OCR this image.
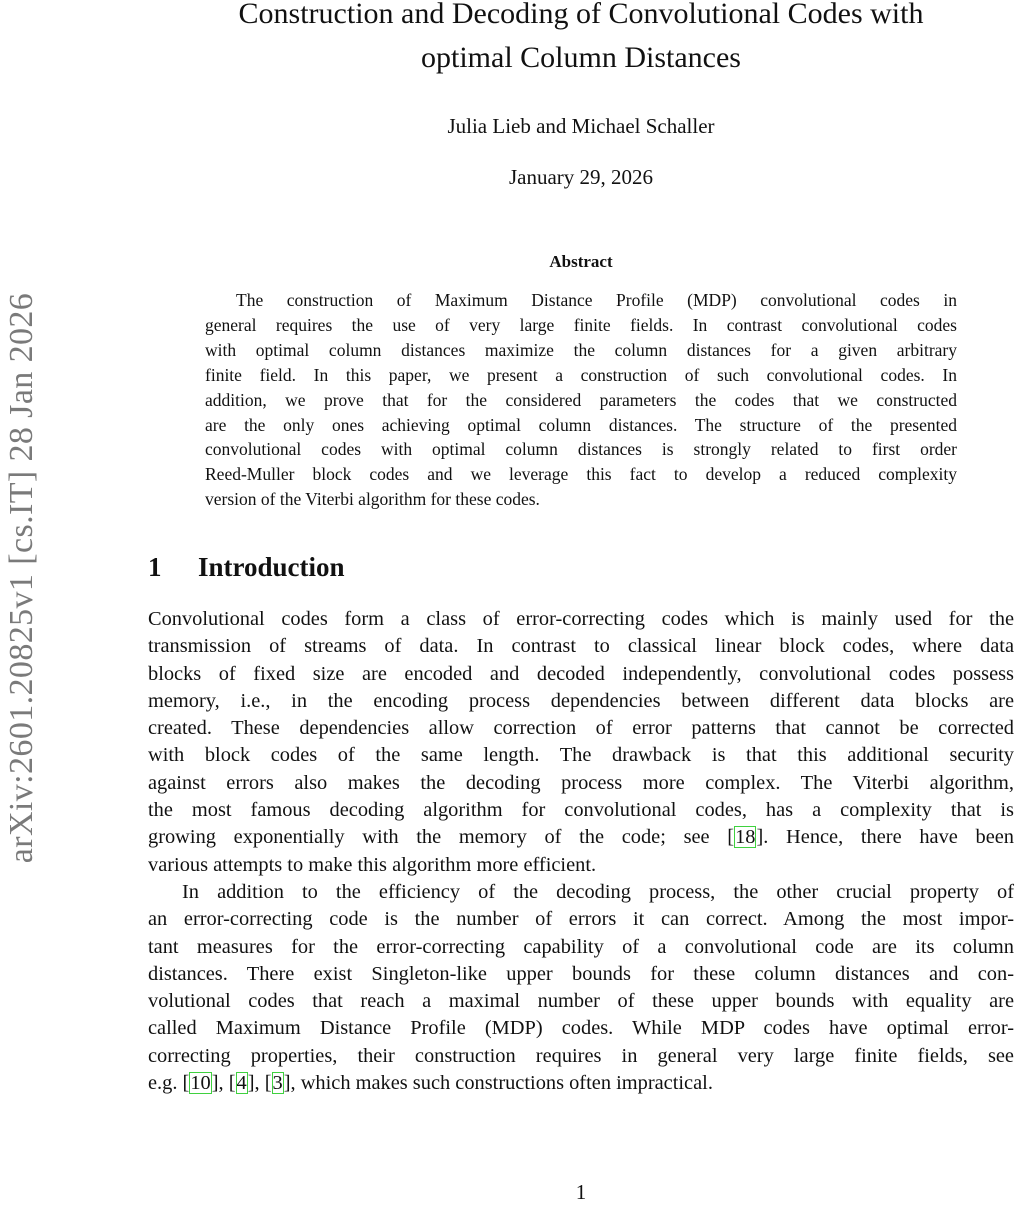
arXiv:2601.20825v1 [cs.IT] 28 Jan 2026
Construction and Decoding of Convolutional Codes with
optimal Column Distances
Julia Lieb and Michael Schaller
January 29, 2026
Abstract
The construction of Maximum Distance Profile (MDP) convolutional codes in
general requires the use of very large finite fields. In contrast convolutional codes
with optimal column distances maximize the column distances for a given arbitrary
finite field. In this paper, we present a construction of such convolutional codes. In
addition, we prove that for the considered parameters the codes that we constructed
are the only ones achieving optimal column distances. The structure of the presented
convolutional codes with optimal column distances is strongly related to first order
Reed-Muller block codes and we leverage this fact to develop a reduced complexity
version of the Viterbi algorithm for these codes.
1 Introduction
Convolutional codes form a class of error-correcting codes which is mainly used for the
transmission of streams of data. In contrast to classical linear block codes, where data
blocks of fixed size are encoded and decoded independently, convolutional codes possess
memory, i.e., in the encoding process dependencies between different data blocks are
created. These dependencies allow correction of error patterns that cannot be corrected
with block codes of the same length. The drawback is that this additional security
against errors also makes the decoding process more complex. The Viterbi algorithm,
the most famous decoding algorithm for convolutional codes, has a complexity that is
growing exponentially with the memory of the code; see [18]. Hence, there have been
various attempts to make this algorithm more efficient.
In addition to the efficiency of the decoding process, the other crucial property of
an error-correcting code is the number of errors it can correct. Among the most impor-
tant measures for the error-correcting capability of a convolutional code are its column
distances. There exist Singleton-like upper bounds for these column distances and con-
volutional codes that reach a maximal number of these upper bounds with equality are
called Maximum Distance Profile (MDP) codes. While MDP codes have optimal error-
correcting properties, their construction requires in general very large finite fields, see
e.g. [10], [4], [3], which makes such constructions often impractical.
1
